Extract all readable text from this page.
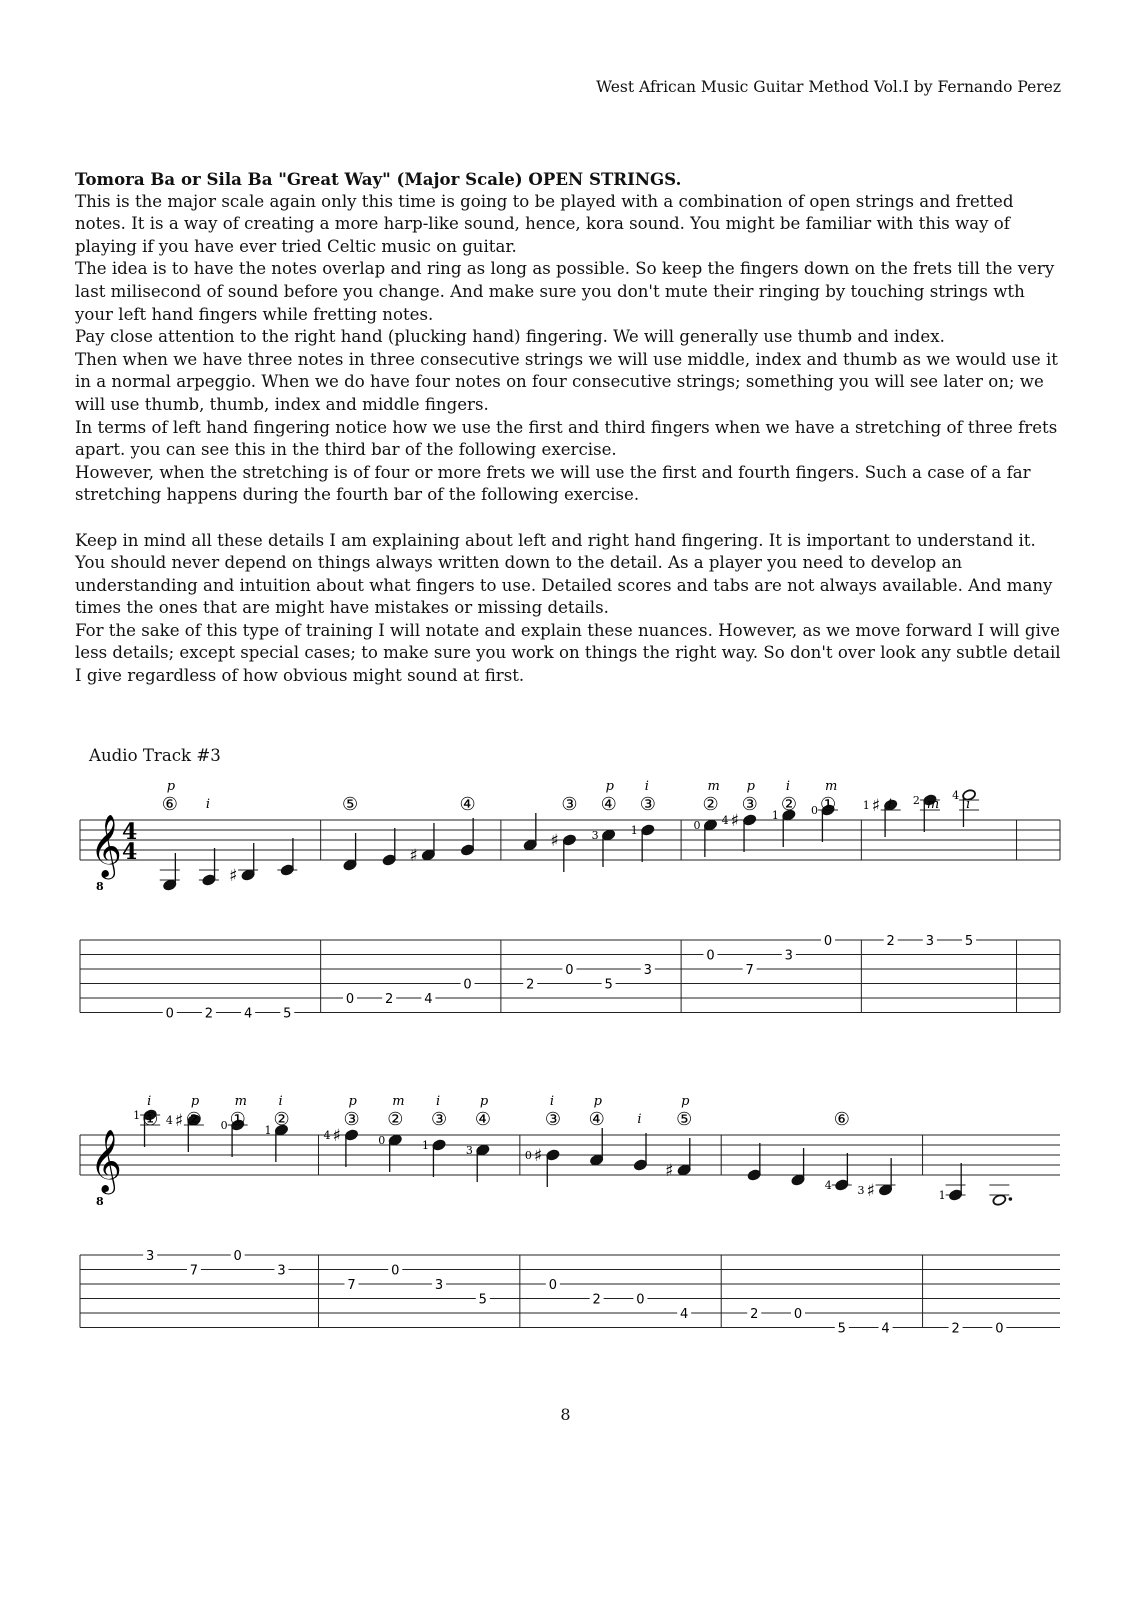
West African Music Guitar Method Vol.I by Fernando Perez
Tomora Ba or Sila Ba "Great Way" (Major Scale) OPEN STRINGS.

This is the major scale again only this time is going to be played with a combination of open strings and fretted notes. It is a way of creating a more harp-like sound, hence, kora sound. You might be familiar with this way of playing if you have ever tried Celtic music on guitar.

The idea is to have the notes overlap and ring as long as possible. So keep the fingers down on the frets till the very last milisecond of sound before you change. And make sure you don't mute their ringing by touching strings wth your left hand fingers while fretting notes.

Pay close attention to the right hand (plucking hand) fingering. We will generally use thumb and index.

Then when we have three notes in three consecutive strings we will use middle, index and thumb as we would use it in a normal arpeggio. When we do have four notes on four consecutive strings; something you will see later on; we will use thumb, thumb, index and middle fingers.

In terms of left hand fingering notice how we use the first and third fingers when we have a stretching of three frets apart. you can see this in the third bar of the following exercise.

However, when the stretching is of four or more frets we will use the first and fourth fingers. Such a case of a far stretching happens during the fourth bar of the following exercise.

Keep in mind all these details I am explaining about left and right hand fingering. It is important to understand it. You should never depend on things always written down to the detail. As a player you need to develop an understanding and intuition about what fingers to use. Detailed scores and tabs are not always available. And many times the ones that are might have mistakes or missing details.

For the sake of this type of training I will notate and explain these nuances. However, as we move forward I will give less details; except special cases; to make sure you work on things the right way. So don't over look any subtle detail I give regardless of how obvious might sound at first.

Audio Track #3
𝄞
8
4
4
⑥
p
0
i
2
♯
4 5
⑤
0 2
♯
4
④
0	2
♯
③
0
3
④
p
5
1
③
i
3
0
②
m
0
♯
4
③
p
7
1
②
i
3
0 ①
m
0
♯
1 i
2
2 m
3
4
i
5
𝄞
8
1 ①
i
3
♯
4 ②
p
7
0 ①
m
0
1
②
i
3
♯
4
③
p
7
0
②
m
0
1
③
i
3
3
④
p
5
♯
0
③
i
0
④
p
2
i
0
♯
⑤
p
4	2	0
4
⑥
5
♯
3
4
1
2	0
8
